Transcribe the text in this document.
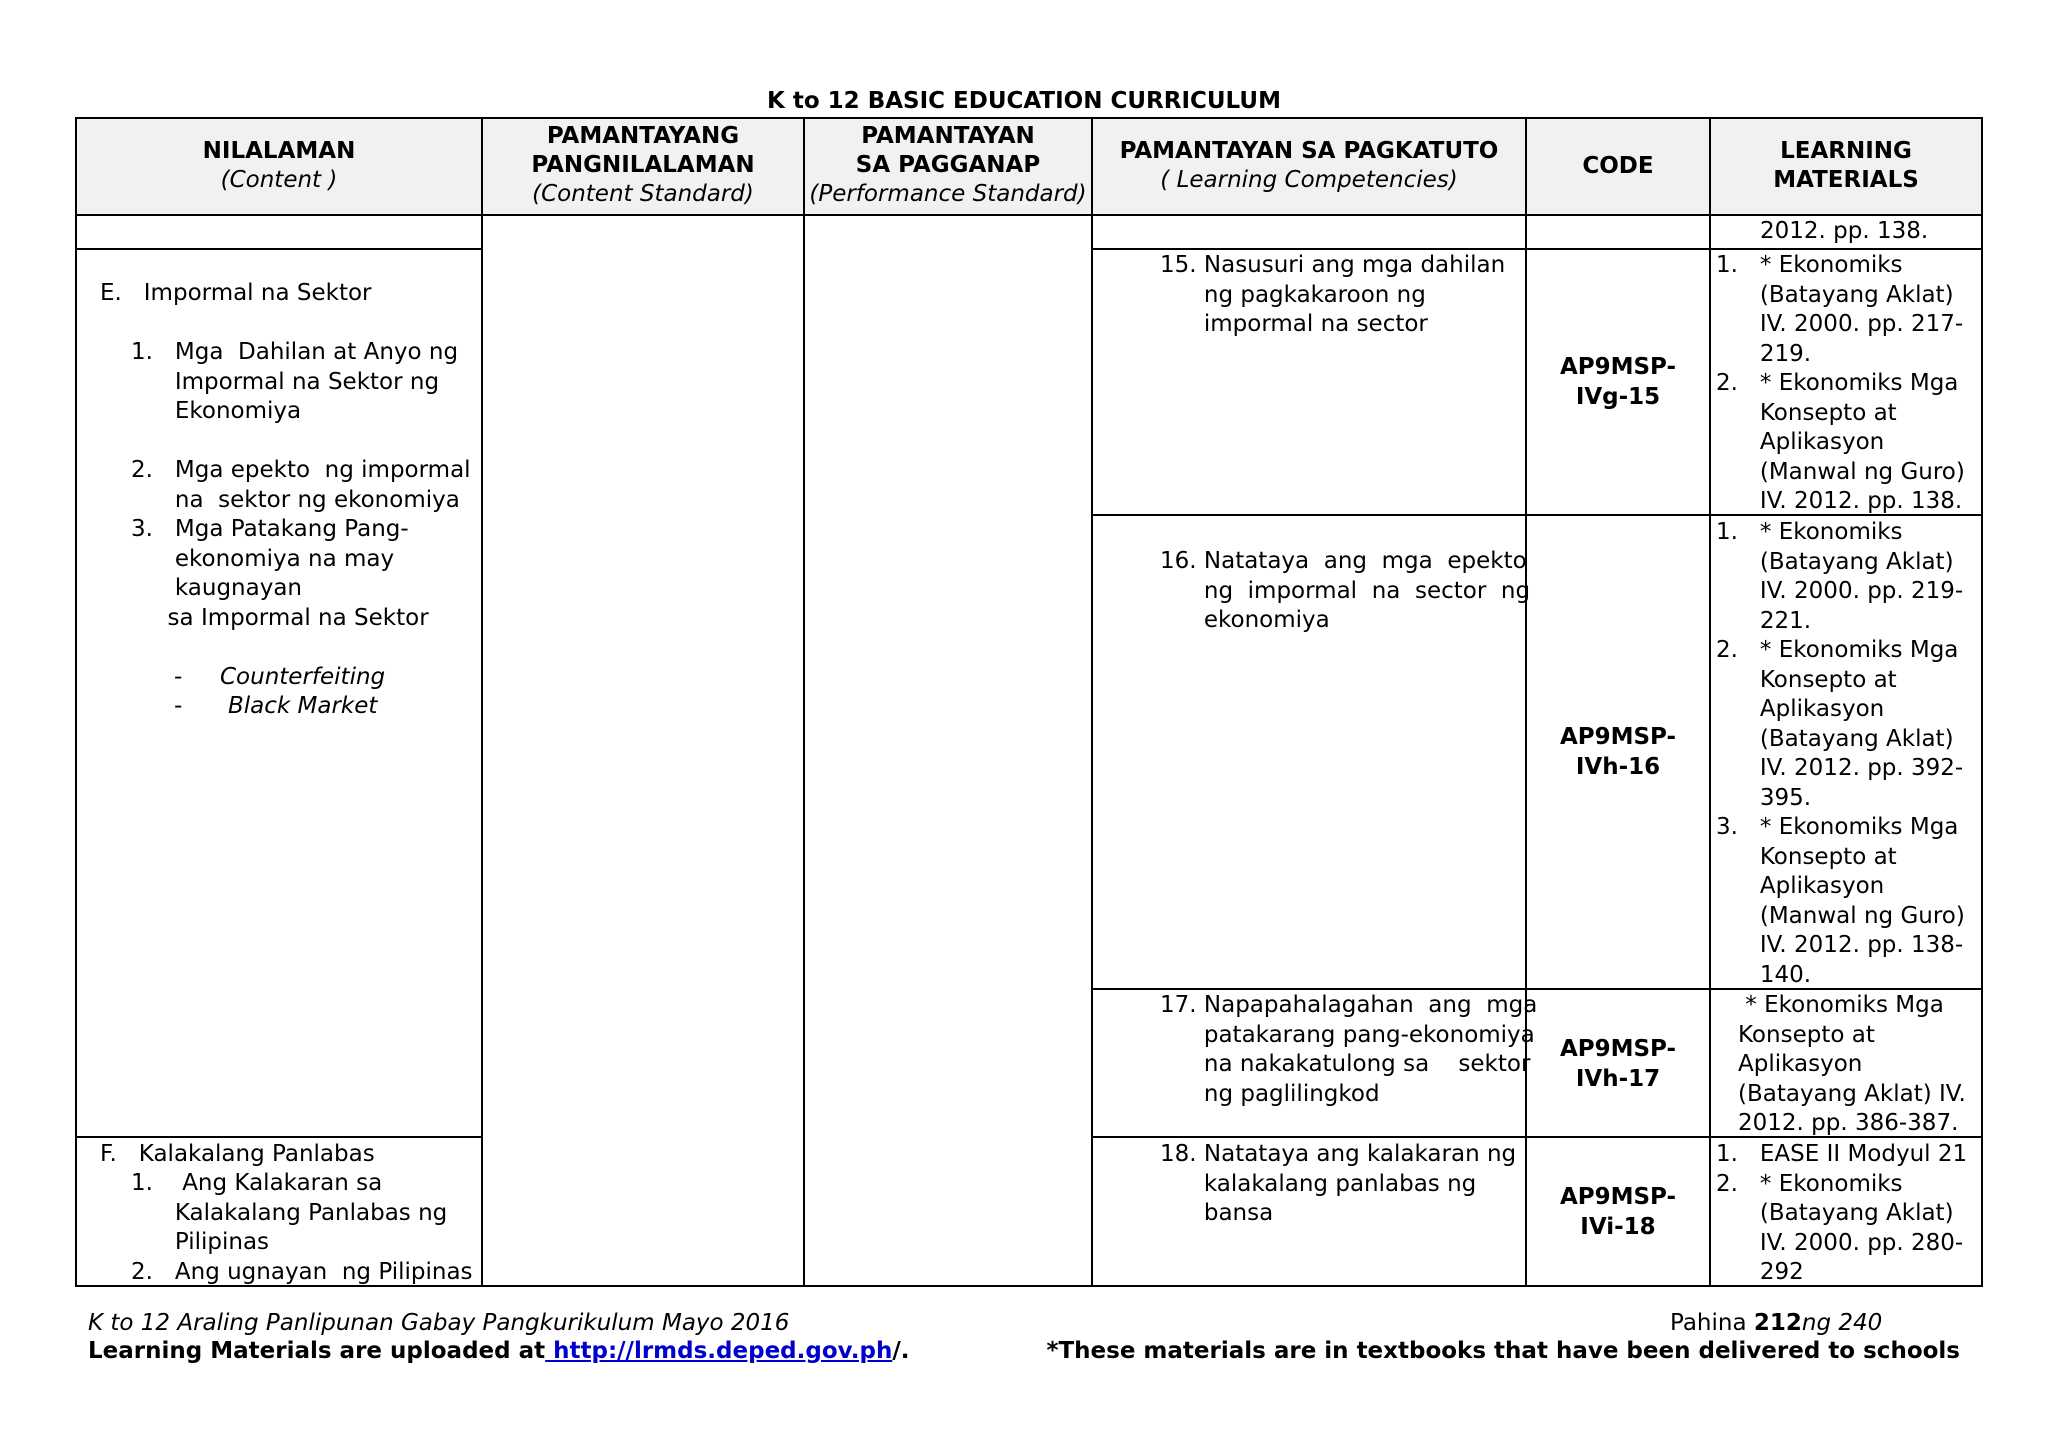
K to 12 BASIC EDUCATION CURRICULUM
NILALAMAN
(Content )
PAMANTAYANG
PANGNILALAMAN
(Content Standard)
PAMANTAYAN
SA PAGGANAP
(Performance Standard)
PAMANTAYAN SA PAGKATUTO
( Learning Competencies)
CODE
LEARNING
MATERIALS
2012. pp. 138.
E.   Impormal na Sektor
1.   Mga  Dahilan at Anyo ng
Impormal na Sektor ng
Ekonomiya
2.   Mga epekto  ng impormal
na  sektor ng ekonomiya
3.   Mga Patakang Pang-
ekonomiya na may
kaugnayan
sa Impormal na Sektor
- Counterfeiting
- Black Market
F.   Kalakalang Panlabas
1.    Ang Kalakaran sa
Kalakalang Panlabas ng
Pilipinas
2.   Ang ugnayan  ng Pilipinas
15. Nasusuri ang mga dahilan
ng pagkakaroon ng
impormal na sector
AP9MSP-
IVg-15
1.   * Ekonomiks
(Batayang Aklat)
IV. 2000. pp. 217-
219.
2.   * Ekonomiks Mga
Konsepto at
Aplikasyon
(Manwal ng Guro)
IV. 2012. pp. 138.
16. Natataya  ang  mga  epekto
ng  impormal  na  sector  ng
ekonomiya
AP9MSP-
IVh-16
1.   * Ekonomiks
(Batayang Aklat)
IV. 2000. pp. 219-
221.
2.   * Ekonomiks Mga
Konsepto at
Aplikasyon
(Batayang Aklat)
IV. 2012. pp. 392-
395.
3.   * Ekonomiks Mga
Konsepto at
Aplikasyon
(Manwal ng Guro)
IV. 2012. pp. 138-
140.
17. Napapahalagahan  ang  mga
patakarang pang-ekonomiya
na nakakatulong sa    sektor
ng paglilingkod
AP9MSP-
IVh-17
* Ekonomiks Mga
Konsepto at
Aplikasyon
(Batayang Aklat) IV.
2012. pp. 386-387.
18. Natataya ang kalakaran ng
kalakalang panlabas ng
bansa
AP9MSP-
IVi-18
1.   EASE II Modyul 21
2.   * Ekonomiks
(Batayang Aklat)
IV. 2000. pp. 280-
292
K to 12 Araling Panlipunan Gabay Pangkurikulum Mayo 2016	Pahina 212ng 240
Learning Materials are uploaded at http://lrmds.deped.gov.ph/.	*These materials are in textbooks that have been delivered to schools
